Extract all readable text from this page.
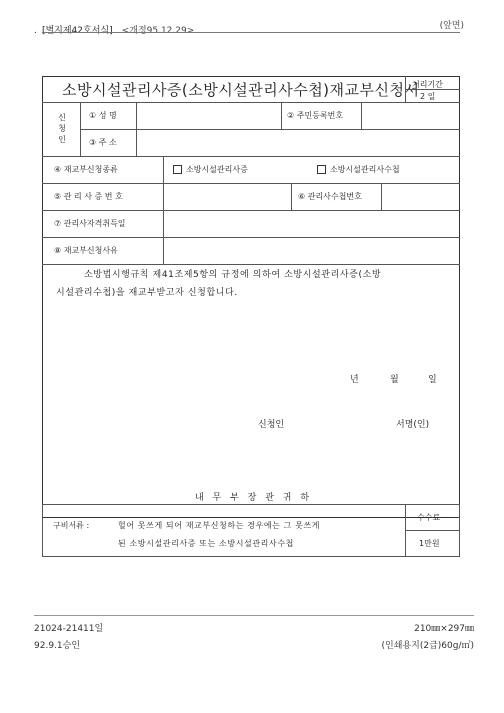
. [별지제42호서식] <개정95.12.29>	(앞면)
소방시설관리사증(소방시설관리사수첩)재교부신청서
처리기간
2 일
신청인
① 성 명	② 주민등록번호
③ 주 소
④ 재교부신청종류	소방시설관리사증	소방시설관리사수첩
⑤ 관 리 사 증 번 호	⑥ 관리사수첩번호
⑦ 관리사자격취득일
⑧ 재교부신청사유
소방법시행규칙 제41조제5항의 규정에 의하여 소방시설관리사증(소방
시설관리수첩)을 재교부받고자 신청합니다.
년	월	일
신청인	서명(인)
내 무 부 장 관 귀 하
구비서류 :	헐어 못쓰게 되어 재교부신청하는 경우에는 그 못쓰게
된 소방시설관리사증 또는 소방시설관리사수첩
수수료
1만원
21024-21411일
92.9.1승인
210㎜×297㎜
(인쇄용지(2급)60g/㎡)
